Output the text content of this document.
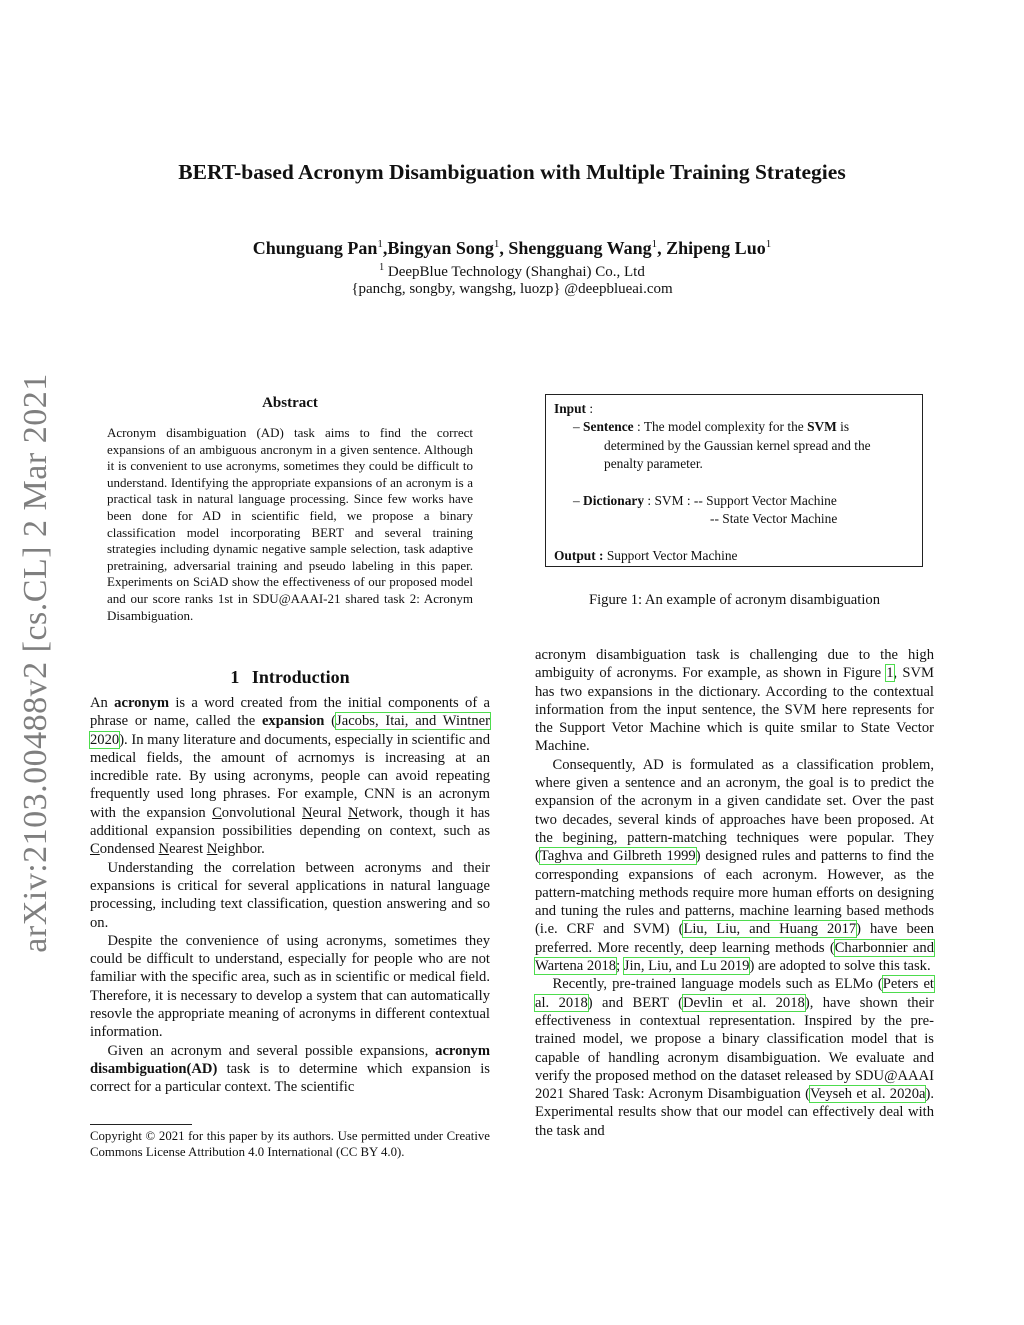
arXiv:2103.00488v2 [cs.CL] 2 Mar 2021
BERT-based Acronym Disambiguation with Multiple Training Strategies
Chunguang Pan$^1$,Bingyan Song$^1$, Shengguang Wang$^1$, Zhipeng Luo$^1$
$^1$ DeepBlue Technology (Shanghai) Co., Ltd
{panchg, songby, wangshg, luozp} @deepblueai.com
Abstract
Acronym disambiguation (AD) task aims to find the correct expansions of an ambiguous ancronym in a given sentence. Although it is convenient to use acronyms, sometimes they could be difficult to understand. Identifying the appropriate expansions of an acronym is a practical task in natural language processing. Since few works have been done for AD in scientific field, we propose a binary classification model incorporating BERT and several training strategies including dynamic negative sample selection, task adaptive pretraining, adversarial training and pseudo labeling in this paper. Experiments on SciAD show the effectiveness of our proposed model and our score ranks 1st in SDU@AAAI-21 shared task 2: Acronym Disambiguation.
1 Introduction

An acronym is a word created from the initial components of a phrase or name, called the expansion (Jacobs, Itai, and Wintner 2020). In many literature and documents, especially in scientific and medical fields, the amount of acrnomys is increasing at an incredible rate. By using acronyms, people can avoid repeating frequently used long phrases. For example, CNN is an acronym with the expansion Convolutional Neural Network, though it has additional expansion possibilities depending on context, such as Condensed Nearest Neighbor.

Understanding the correlation between acronyms and their expansions is critical for several applications in natural language processing, including text classification, question answering and so on.

Despite the convenience of using acronyms, sometimes they could be difficult to understand, especially for people who are not familiar with the specific area, such as in scientific or medical field. Therefore, it is necessary to develop a system that can automatically resovle the appropriate meaning of acronyms in different contextual information.

Given an acronym and several possible expansions, acronym disambiguation(AD) task is to determine which expansion is correct for a particular context. The scientific

Copyright © 2021 for this paper by its authors. Use permitted under Creative Commons License Attribution 4.0 International (CC BY 4.0).
Input :
– Sentence : The model complexity for the SVM is
determined by the Gaussian kernel spread and the
penalty parameter.
– Dictionary : SVM : -- Support Vector Machine
-- State Vector Machine
Output : Support Vector Machine
Figure 1: An example of acronym disambiguation

acronym disambiguation task is challenging due to the high ambiguity of acronyms. For example, as shown in Figure 1, SVM has two expansions in the dictionary. According to the contextual information from the input sentence, the SVM here represents for the Support Vetor Machine which is quite smilar to State Vector Machine.

Consequently, AD is formulated as a classification problem, where given a sentence and an acronym, the goal is to predict the expansion of the acronym in a given candidate set. Over the past two decades, several kinds of approaches have been proposed. At the begining, pattern-matching techniques were popular. They (Taghva and Gilbreth 1999) designed rules and patterns to find the corresponding expansions of each acronym. However, as the pattern-matching methods require more human efforts on designing and tuning the rules and patterns, machine learning based methods (i.e. CRF and SVM) (Liu, Liu, and Huang 2017) have been preferred. More recently, deep learning methods (Charbonnier and Wartena 2018; Jin, Liu, and Lu 2019) are adopted to solve this task.

Recently, pre-trained language models such as ELMo (Peters et al. 2018) and BERT (Devlin et al. 2018), have shown their effectiveness in contextual representation. Inspired by the pre-trained model, we propose a binary classification model that is capable of handling acronym disambiguation. We evaluate and verify the proposed method on the dataset released by SDU@AAAI 2021 Shared Task: Acronym Disambiguation (Veyseh et al. 2020a). Experimental results show that our model can effectively deal with the task and
